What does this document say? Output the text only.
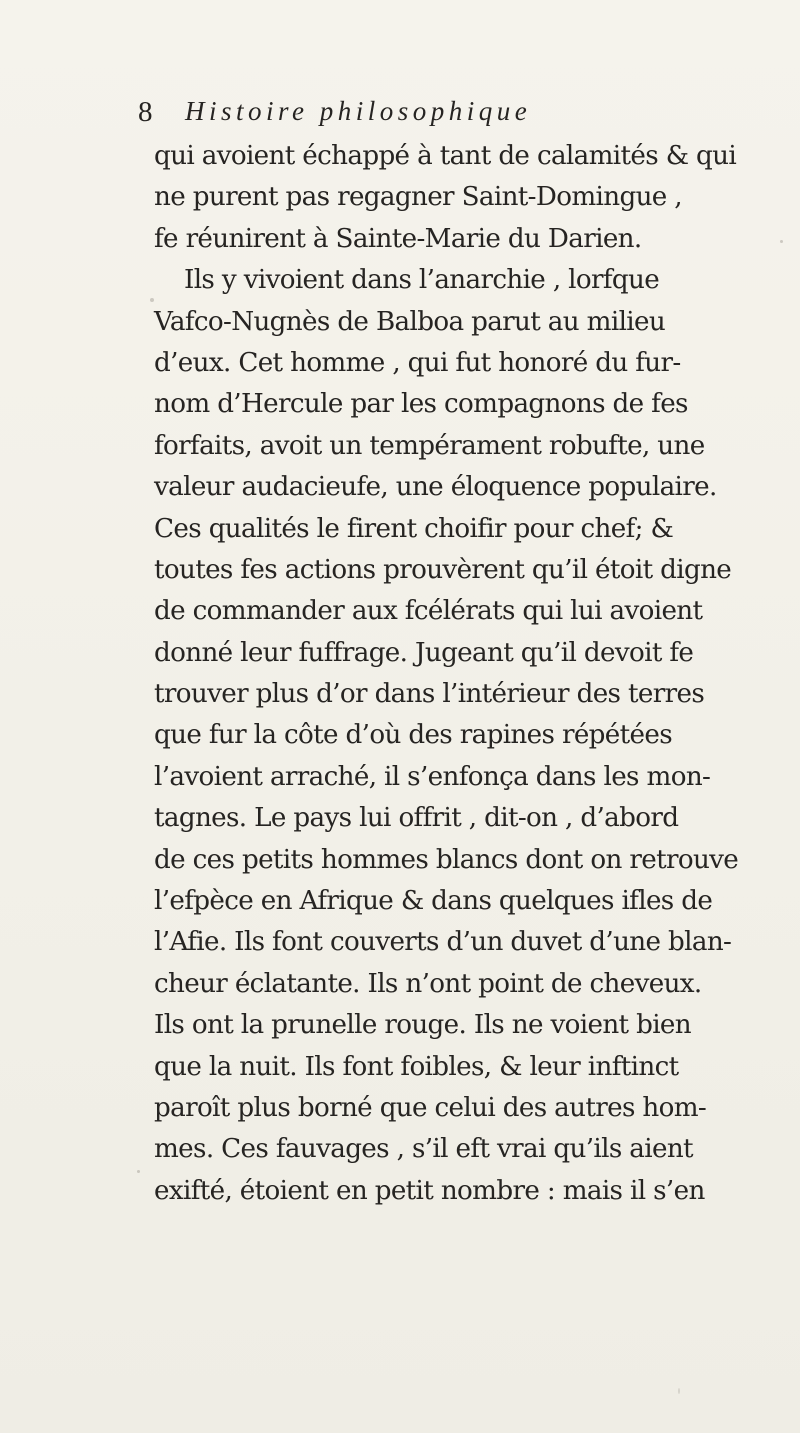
8 Histoire philosophique
qui avoient échappé à tant de calamités & qui
ne purent pas regagner Saint-Domingue ,
fe réunirent à Sainte-Marie du Darien.
Ils y vivoient dans l’anarchie , lorfque
Vafco-Nugnès de Balboa parut au milieu
d’eux. Cet homme , qui fut honoré du fur-
nom d’Hercule par les compagnons de fes
forfaits, avoit un tempérament robufte, une
valeur audacieufe, une éloquence populaire.
Ces qualités le firent choifir pour chef; &
toutes fes actions prouvèrent qu’il étoit digne
de commander aux fcélérats qui lui avoient
donné leur fuffrage. Jugeant qu’il devoit fe
trouver plus d’or dans l’intérieur des terres
que fur la côte d’où des rapines répétées
l’avoient arraché, il s’enfonça dans les mon-
tagnes. Le pays lui offrit , dit-on , d’abord
de ces petits hommes blancs dont on retrouve
l’efpèce en Afrique & dans quelques ifles de
l’Afie. Ils font couverts d’un duvet d’une blan-
cheur éclatante. Ils n’ont point de cheveux.
Ils ont la prunelle rouge. Ils ne voient bien
que la nuit. Ils font foibles, & leur inftinct
paroît plus borné que celui des autres hom-
mes. Ces fauvages , s’il eft vrai qu’ils aient
exifté, étoient en petit nombre : mais il s’en
